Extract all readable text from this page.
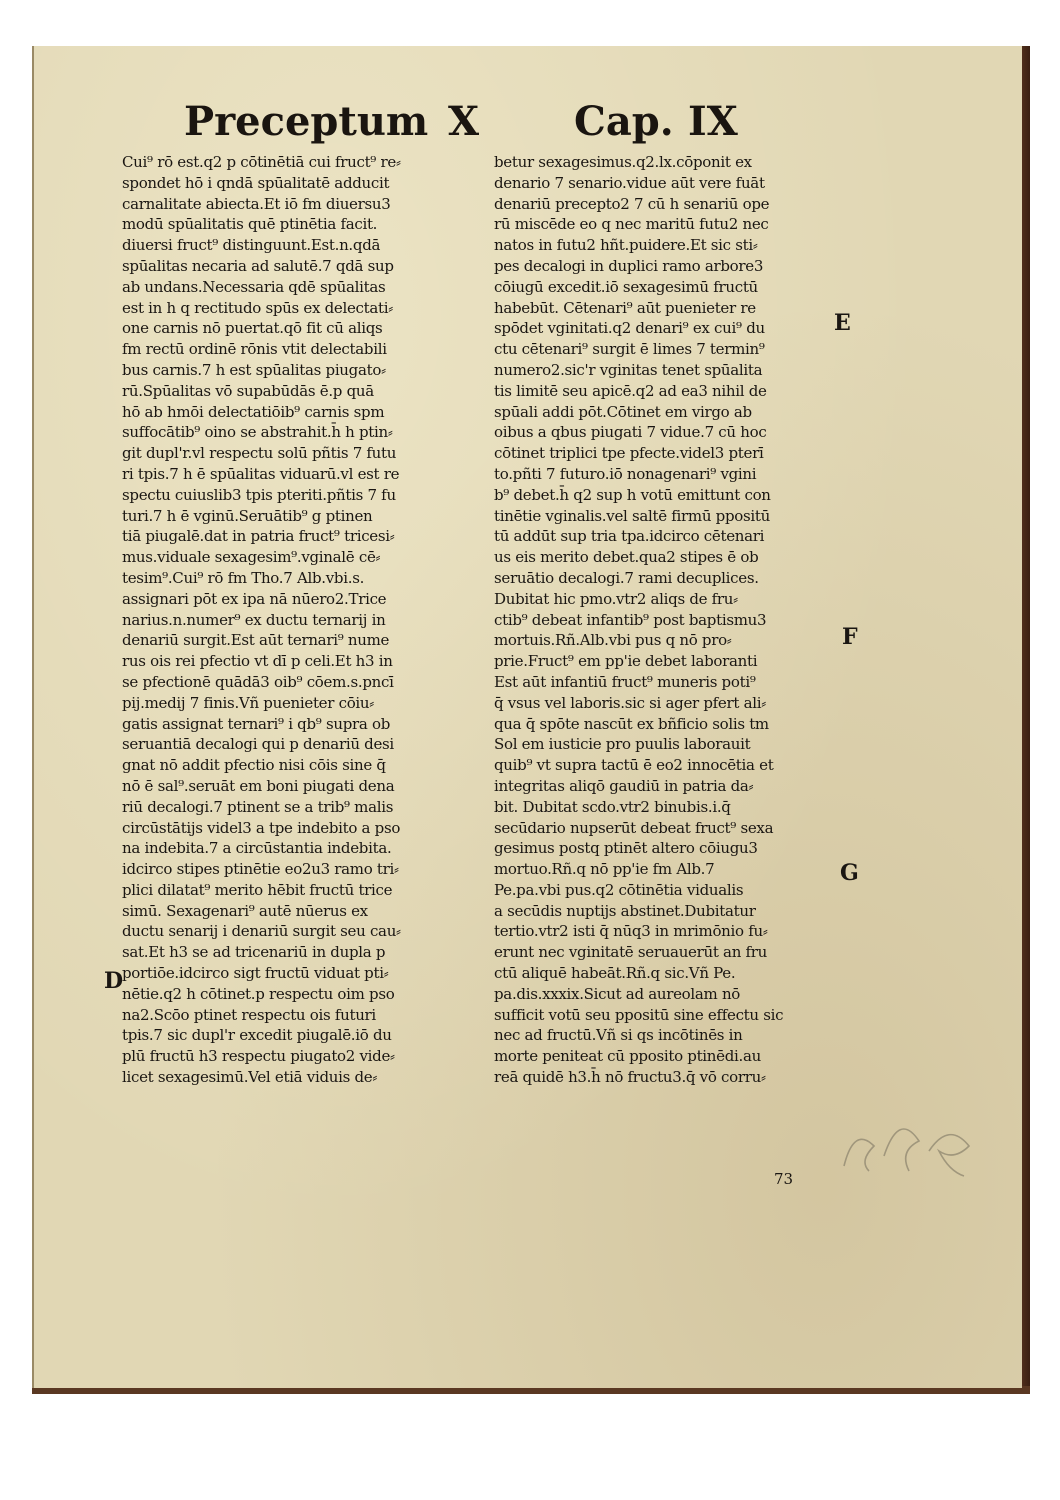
Preceptum X Cap. IX
Cui⁹ rō est.q2 p cōtinētiā cui fruct⁹ re⸗
spondet hō i qndā spūalitatē adducit
carnalitate abiecta.Et iō fm diuersu3
modū spūalitatis quē ptinētia facit.
diuersi fruct⁹ distinguunt.Est.n.qdā
spūalitas necaria ad salutē.7 qdā sup
ab undans.Necessaria qdē spūalitas
est in h q rectitudo spūs ex delectati⸗
one carnis nō puertat.qō fit cū aliqs
fm rectū ordinē rōnis vtit delectabili
bus carnis.7 h est spūalitas piugato⸗
rū.Spūalitas vō supabūdās ē.p quā
hō ab hmōi delectatiōib⁹ carnis spm
suffocātib⁹ oino se abstrahit.h̄ h ptin⸗
git dupl'r.vl respectu solū pñtis 7 futu
ri tpis.7 h ē spūalitas viduarū.vl est re
spectu cuiuslib3 tpis pteriti.pñtis 7 fu
turi.7 h ē vginū.Seruātib⁹ g ptinen
tiā piugalē.dat in patria fruct⁹ tricesi⸗
mus.viduale sexagesim⁹.vginalē cē⸗
tesim⁹.Cui⁹ rō fm Tho.7 Alb.vbi.s.
assignari pōt ex ipa nā nūero2.Trice
narius.n.numer⁹ ex ductu ternarij in
denariū surgit.Est aūt ternari⁹ nume
rus ois rei pfectio vt dī p celi.Et h3 in
se pfectionē quādā3 oib⁹ cōem.s.pncī
pij.medij 7 finis.Vñ puenieter cōiu⸗
gatis assignat ternari⁹ i qb⁹ supra ob
seruantiā decalogi qui p denariū desi
gnat nō addit pfectio nisi cōis sine q̄
nō ē sal⁹.seruāt em boni piugati dena
riū decalogi.7 ptinent se a trib⁹ malis
circūstātijs videl3 a tpe indebito a pso
na indebita.7 a circūstantia indebita.
idcirco stipes ptinētie eo2u3 ramo tri⸗
plici dilatat⁹ merito hēbit fructū trice
simū. Sexagenari⁹ autē nūerus ex
ductu senarij i denariū surgit seu cau⸗
sat.Et h3 se ad tricenariū in dupla p
portiōe.idcirco sigt fructū viduat pti⸗
nētie.q2 h cōtinet.p respectu oim pso
na2.Scōo ptinet respectu ois futuri
tpis.7 sic dupl'r excedit piugalē.iō du
plū fructū h3 respectu piugato2 vide⸗
licet sexagesimū.Vel etiā viduis de⸗
betur sexagesimus.q2.lx.cōponit ex
denario 7 senario.vidue aūt vere fuāt
denariū precepto2 7 cū h senariū ope
rū miscēde eo q nec maritū futu2 nec
natos in futu2 hñt.puidere.Et sic sti⸗
pes decalogi in duplici ramo arbore3
cōiugū excedit.iō sexagesimū fructū
habebūt. Cētenari⁹ aūt puenieter re
spōdet vginitati.q2 denari⁹ ex cui⁹ du
ctu cētenari⁹ surgit ē limes 7 termin⁹
numero2.sic'r vginitas tenet spūalita
tis limitē seu apicē.q2 ad ea3 nihil de
spūali addi pōt.Cōtinet em virgo ab
oibus a qbus piugati 7 vidue.7 cū hoc
cōtinet triplici tpe pfecte.videl3 pterī
to.pñti 7 futuro.iō nonagenari⁹ vgini
b⁹ debet.h̄ q2 sup h votū emittunt con
tinētie vginalis.vel saltē firmū ppositū
tū addūt sup tria tpa.idcirco cētenari
us eis merito debet.qua2 stipes ē ob
seruātio decalogi.7 rami decuplices.
Dubitat hic pmo.vtr2 aliqs de fru⸗
ctib⁹ debeat infantib⁹ post baptismu3
mortuis.Rñ.Alb.vbi pus q nō pro⸗
prie.Fruct⁹ em pp'ie debet laboranti
Est aūt infantiū fruct⁹ muneris poti⁹
q̄ vsus vel laboris.sic si ager pfert ali⸗
qua q̄ spōte nascūt ex bñficio solis tm
Sol em iusticie pro puulis laborauit
quib⁹ vt supra tactū ē eo2 innocētia et
integritas aliqō gaudiū in patria da⸗
bit. Dubitat scdo.vtr2 binubis.i.q̄
secūdario nupserūt debeat fruct⁹ sexa
gesimus postq ptinēt altero cōiugu3
mortuo.Rñ.q nō pp'ie fm Alb.7
Pe.pa.vbi pus.q2 cōtinētia vidualis
a secūdis nuptijs abstinet.Dubitatur
tertio.vtr2 isti q̄ nūq3 in mrimōnio fu⸗
erunt nec vginitatē seruauerūt an fru
ctū aliquē habeāt.Rñ.q sic.Vñ Pe.
pa.dis.xxxix.Sicut ad aureolam nō
sufficit votū seu ppositū sine effectu sic
nec ad fructū.Vñ si qs incōtinēs in
morte peniteat cū pposito ptinēdi.au
reā quidē h3.h̄ nō fructu3.q̄ vō corru⸗
E
F
G
D
73
